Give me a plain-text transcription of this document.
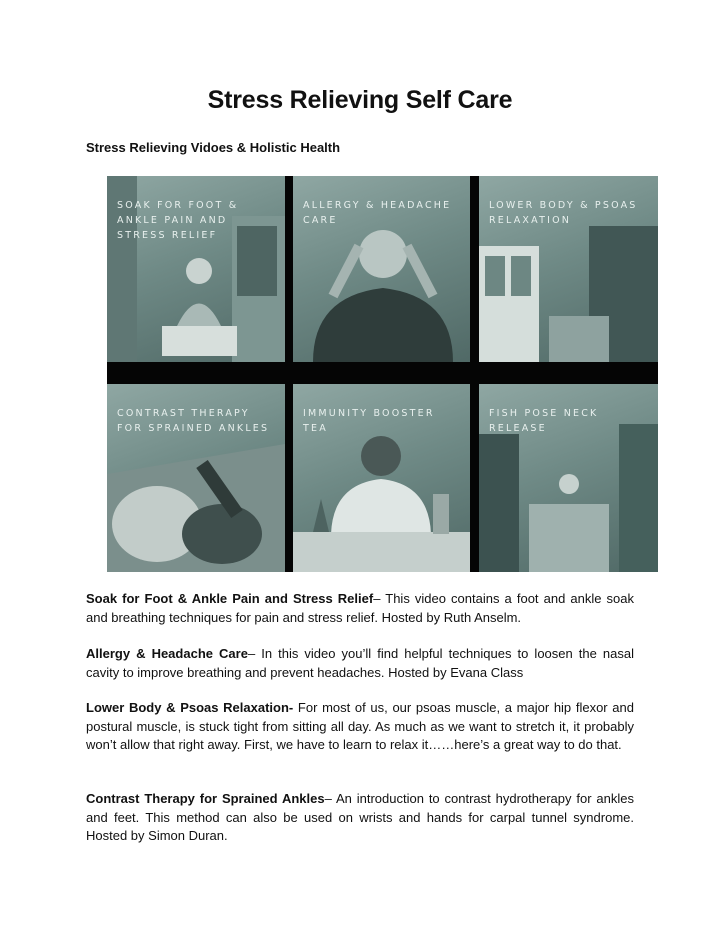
Stress Relieving Self Care
Stress Relieving Vidoes & Holistic Health
SOAK FOR FOOT & ANKLE PAIN AND STRESS RELIEF
ALLERGY & HEADACHE CARE
LOWER BODY & PSOAS RELAXATION
CONTRAST THERAPY FOR SPRAINED ANKLES
IMMUNITY BOOSTER TEA
FISH POSE NECK RELEASE
Soak for Foot & Ankle Pain and Stress Relief– This video contains a foot and ankle soak and breathing techniques for pain and stress relief. Hosted by Ruth Anselm.
Allergy & Headache Care– In this video you’ll find helpful techniques to loosen the nasal cavity to improve breathing and prevent headaches. Hosted by Evana Class
Lower Body & Psoas Relaxation- For most of us, our psoas muscle, a major hip flexor and postural muscle, is stuck tight from sitting all day. As much as we want to stretch it, it probably won’t allow that right away. First, we have to learn to relax it……here’s a great way to do that.
Contrast Therapy for Sprained Ankles– An introduction to contrast hydrotherapy for ankles and feet. This method can also be used on wrists and hands for carpal tunnel syndrome. Hosted by Simon Duran.
